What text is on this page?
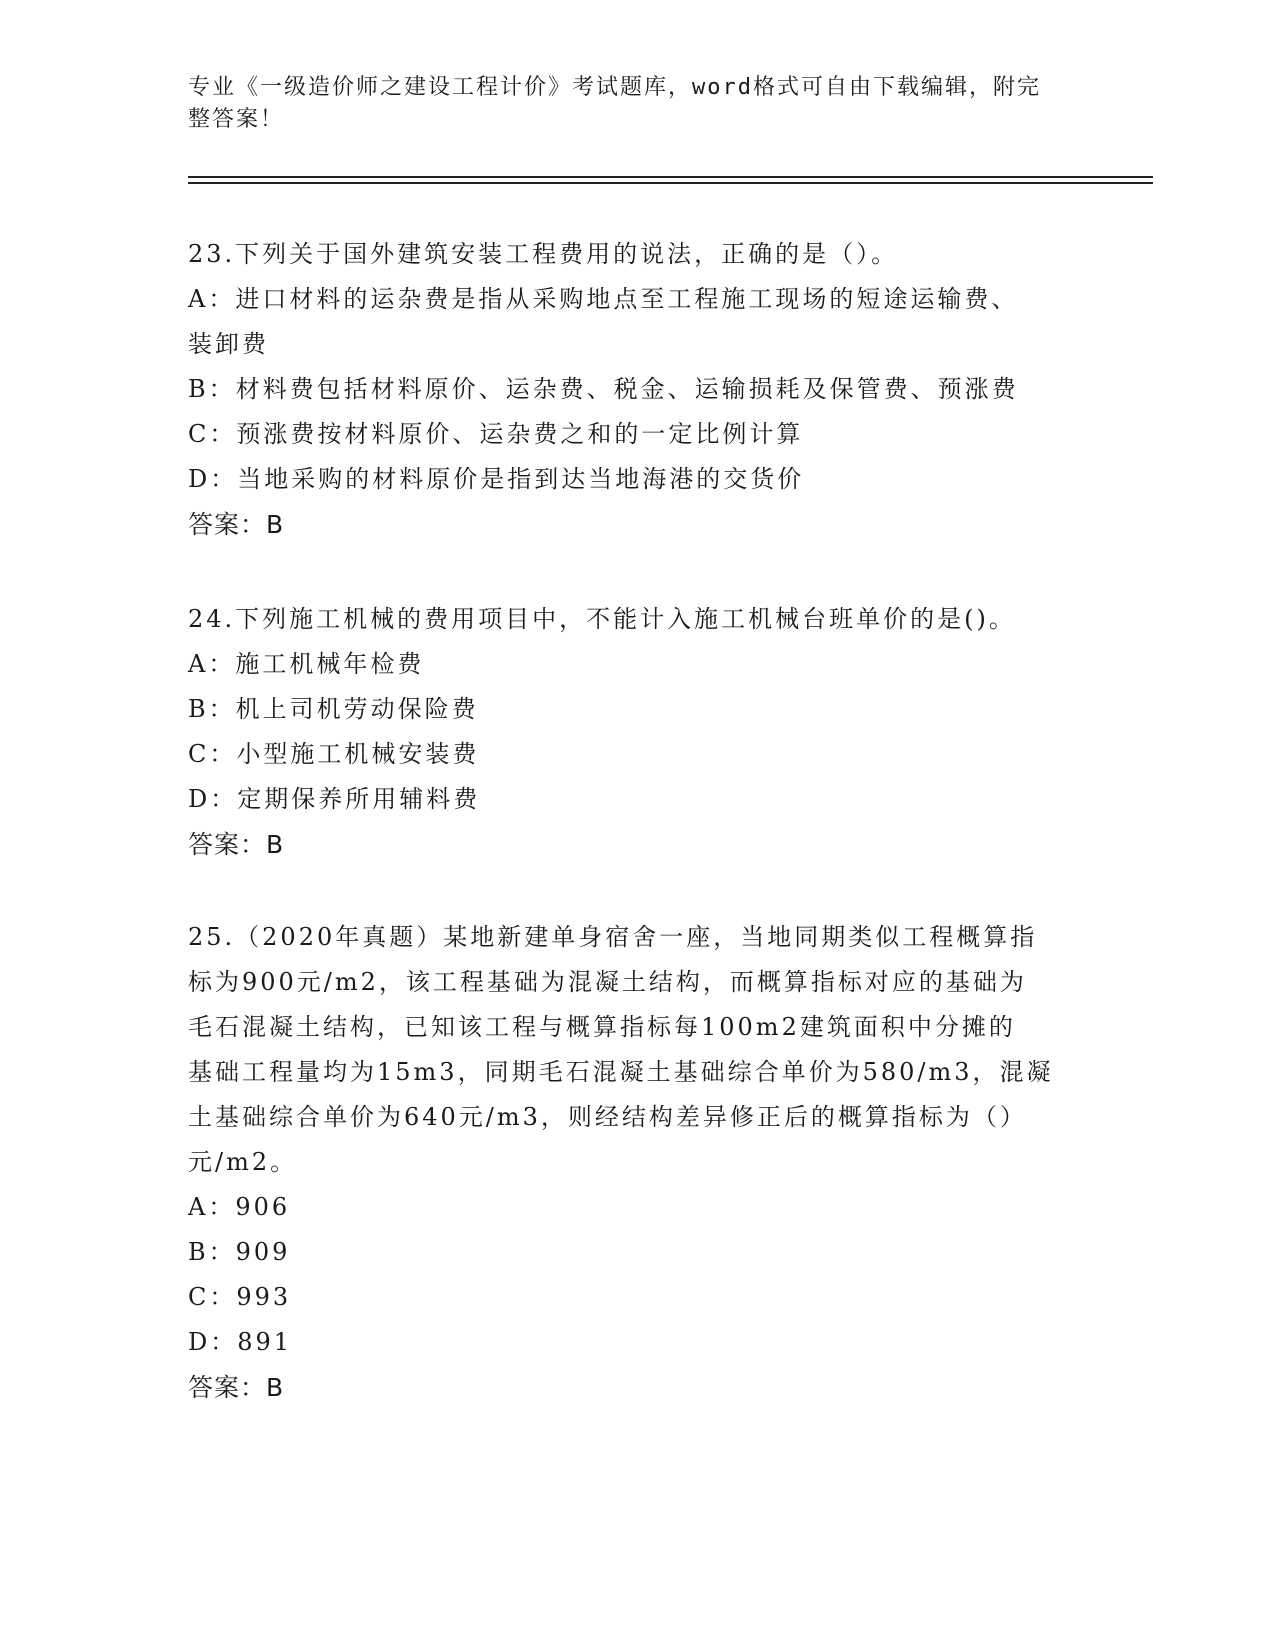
专业《一级造价师之建设工程计价》考试题库，word格式可自由下载编辑，附完
整答案！
23.下列关于国外建筑安装工程费用的说法，正确的是（）。
A：进口材料的运杂费是指从采购地点至工程施工现场的短途运输费、
装卸费
B：材料费包括材料原价、运杂费、税金、运输损耗及保管费、预涨费
C：预涨费按材料原价、运杂费之和的一定比例计算
D：当地采购的材料原价是指到达当地海港的交货价
答案：B
24.下列施工机械的费用项目中，不能计入施工机械台班单价的是()。
A：施工机械年检费
B：机上司机劳动保险费
C：小型施工机械安装费
D：定期保养所用辅料费
答案：B
25.（2020年真题）某地新建单身宿舍一座，当地同期类似工程概算指
标为900元/m2，该工程基础为混凝土结构，而概算指标对应的基础为
毛石混凝土结构，已知该工程与概算指标每100m2建筑面积中分摊的
基础工程量均为15m3，同期毛石混凝土基础综合单价为580/m3，混凝
土基础综合单价为640元/m3，则经结构差异修正后的概算指标为（）
元/m2。
A：906
B：909
C：993
D：891
答案：B
